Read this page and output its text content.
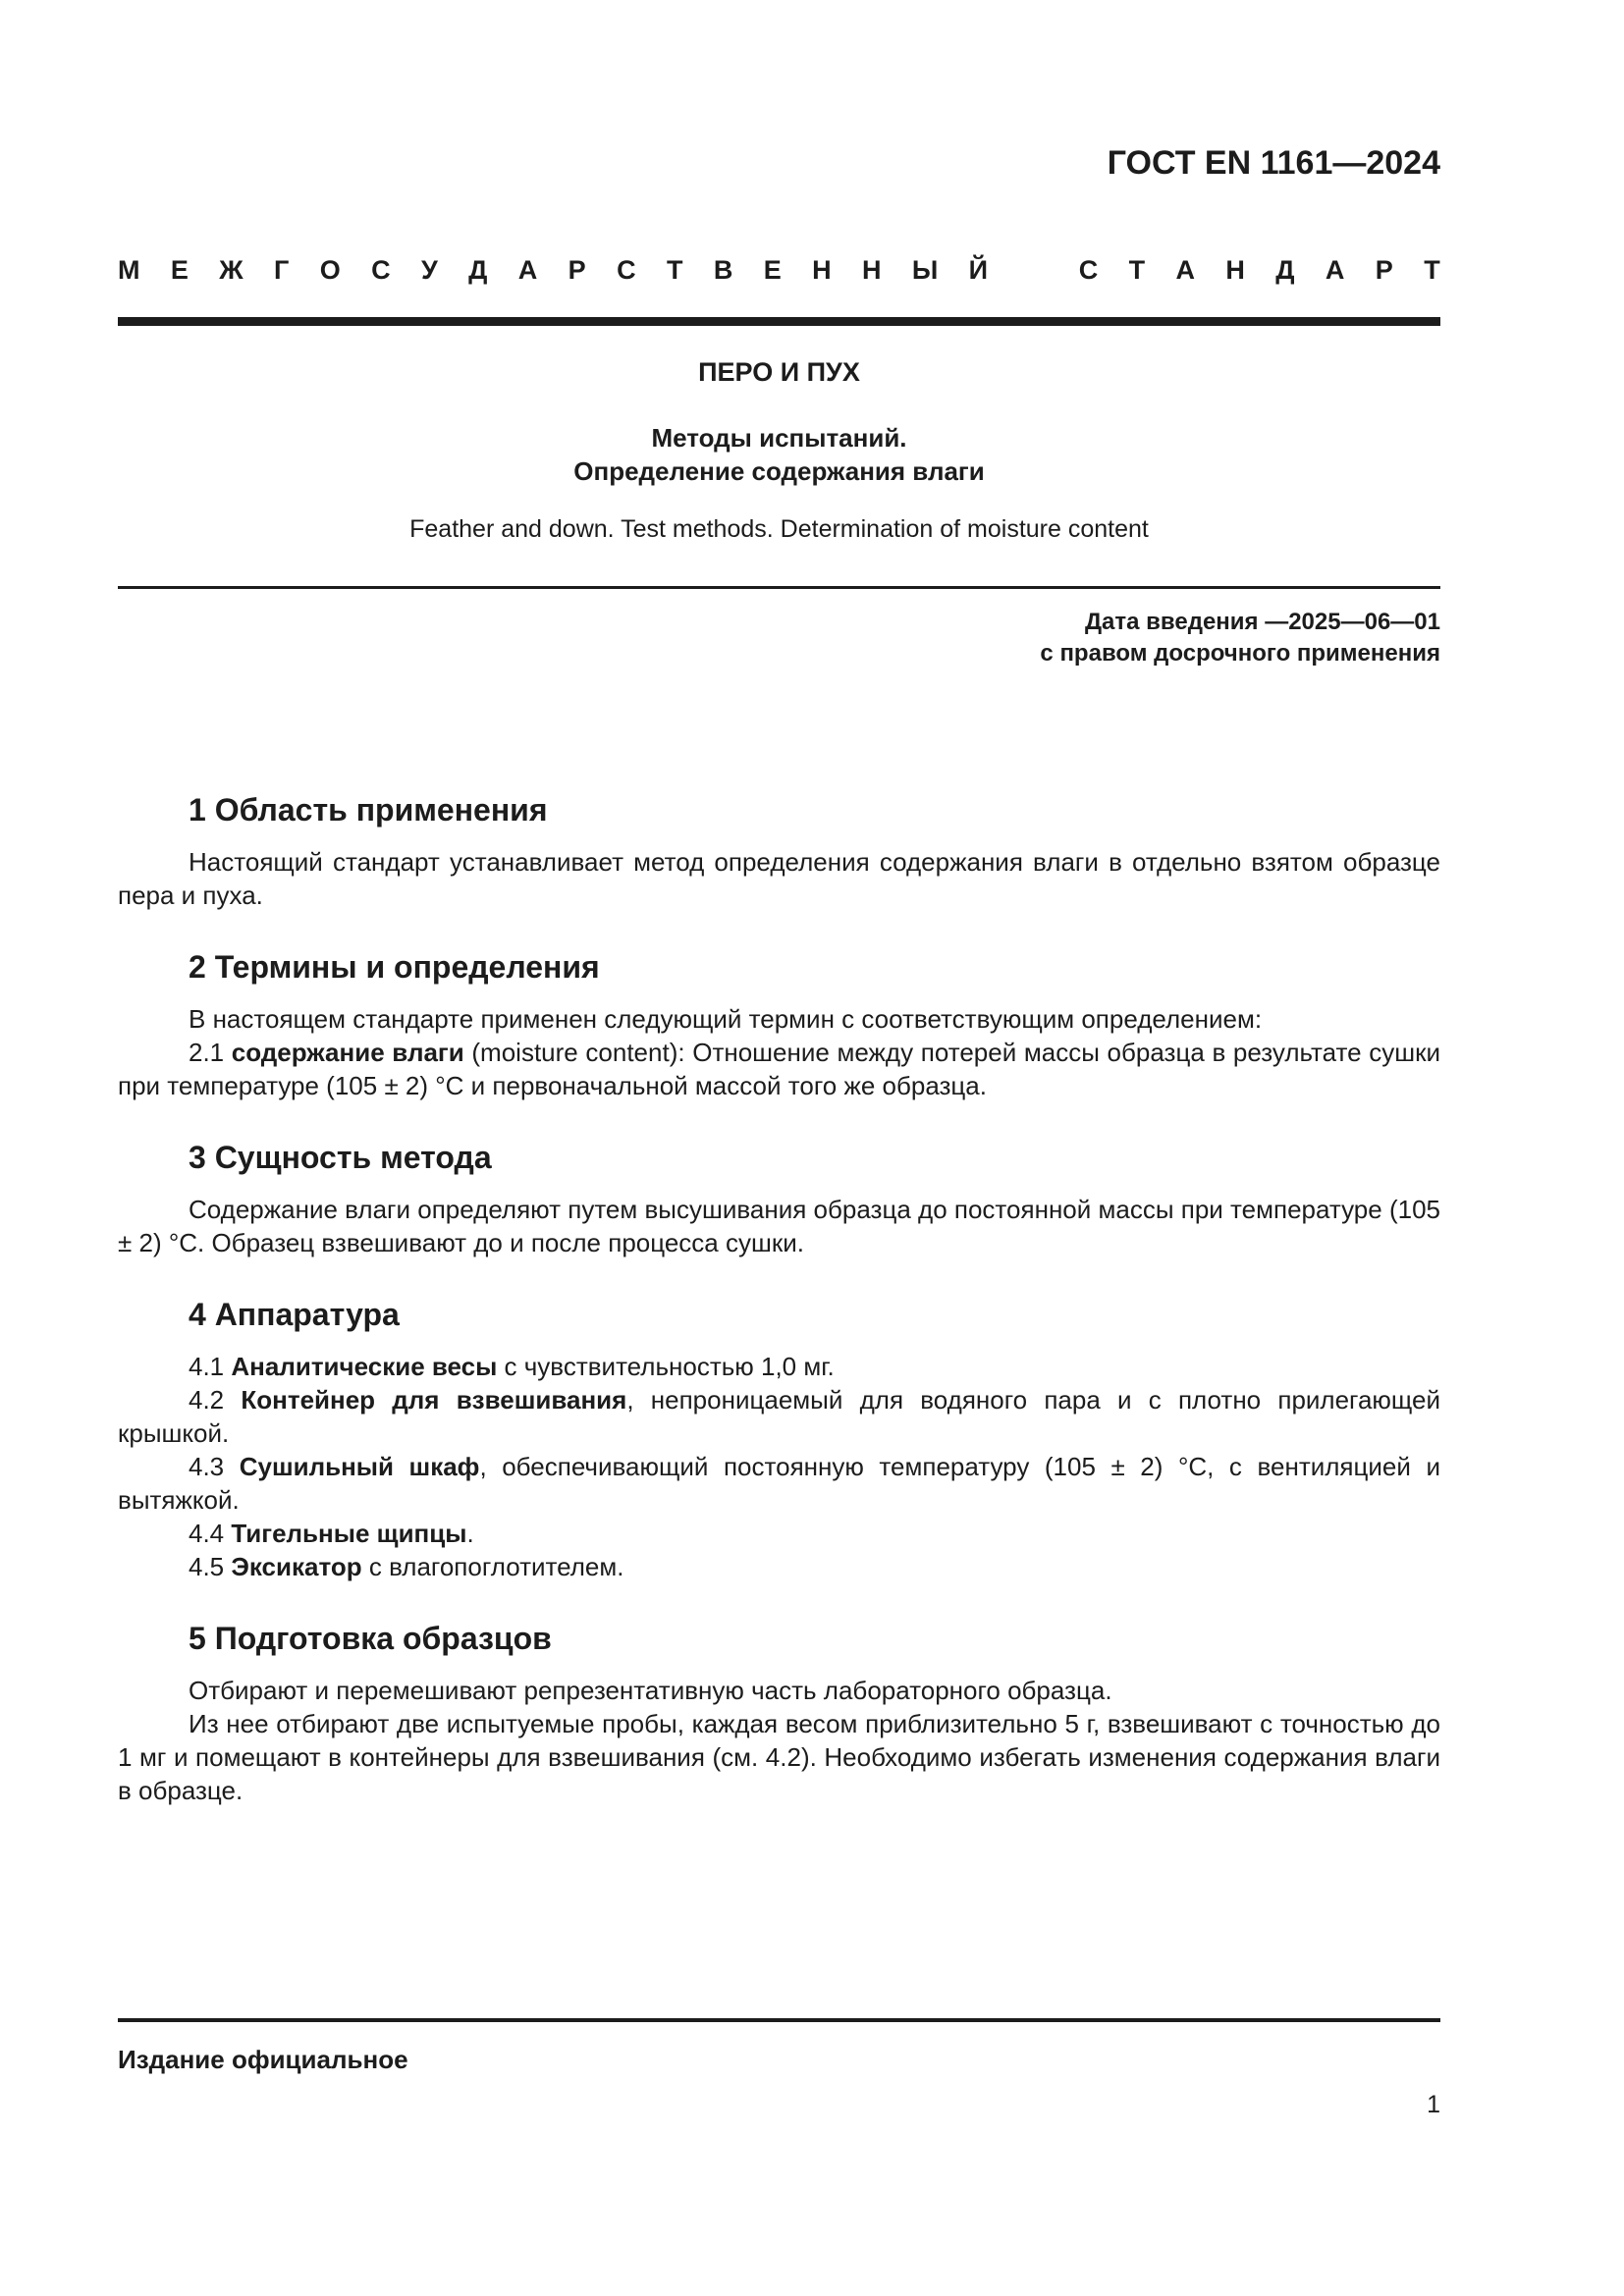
ГОСТ EN 1161—2024
М Е Ж Г О С У Д А Р С Т В Е Н Н Ы Й	С Т А Н Д А Р Т
ПЕРО И ПУХ
Методы испытаний.
Определение содержания влаги
Feather and down. Test methods. Determination of moisture content
Дата введения —2025—06—01
с правом досрочного применения
1 Область применения

Настоящий стандарт устанавливает метод определения содержания влаги в отдельно взятом образце пера и пуха.

2 Термины и определения

В настоящем стандарте применен следующий термин с соответствующим определением:

2.1 содержание влаги (moisture content): Отношение между потерей массы образца в результате сушки при температуре (105 ± 2) °С и первоначальной массой того же образца.

3 Сущность метода

Содержание влаги определяют путем высушивания образца до постоянной массы при температуре (105 ± 2) °С. Образец взвешивают до и после процесса сушки.

4 Аппаратура

4.1 Аналитические весы с чувствительностью 1,0 мг.

4.2 Контейнер для взвешивания, непроницаемый для водяного пара и с плотно прилегающей крышкой.

4.3 Сушильный шкаф, обеспечивающий постоянную температуру (105 ± 2) °С, с вентиляцией и вытяжкой.

4.4 Тигельные щипцы.

4.5 Эксикатор с влагопоглотителем.

5 Подготовка образцов

Отбирают и перемешивают репрезентативную часть лабораторного образца.

Из нее отбирают две испытуемые пробы, каждая весом приблизительно 5 г, взвешивают с точностью до 1 мг и помещают в контейнеры для взвешивания (см. 4.2). Необходимо избегать изменения содержания влаги в образце.

Издание официальное
1
